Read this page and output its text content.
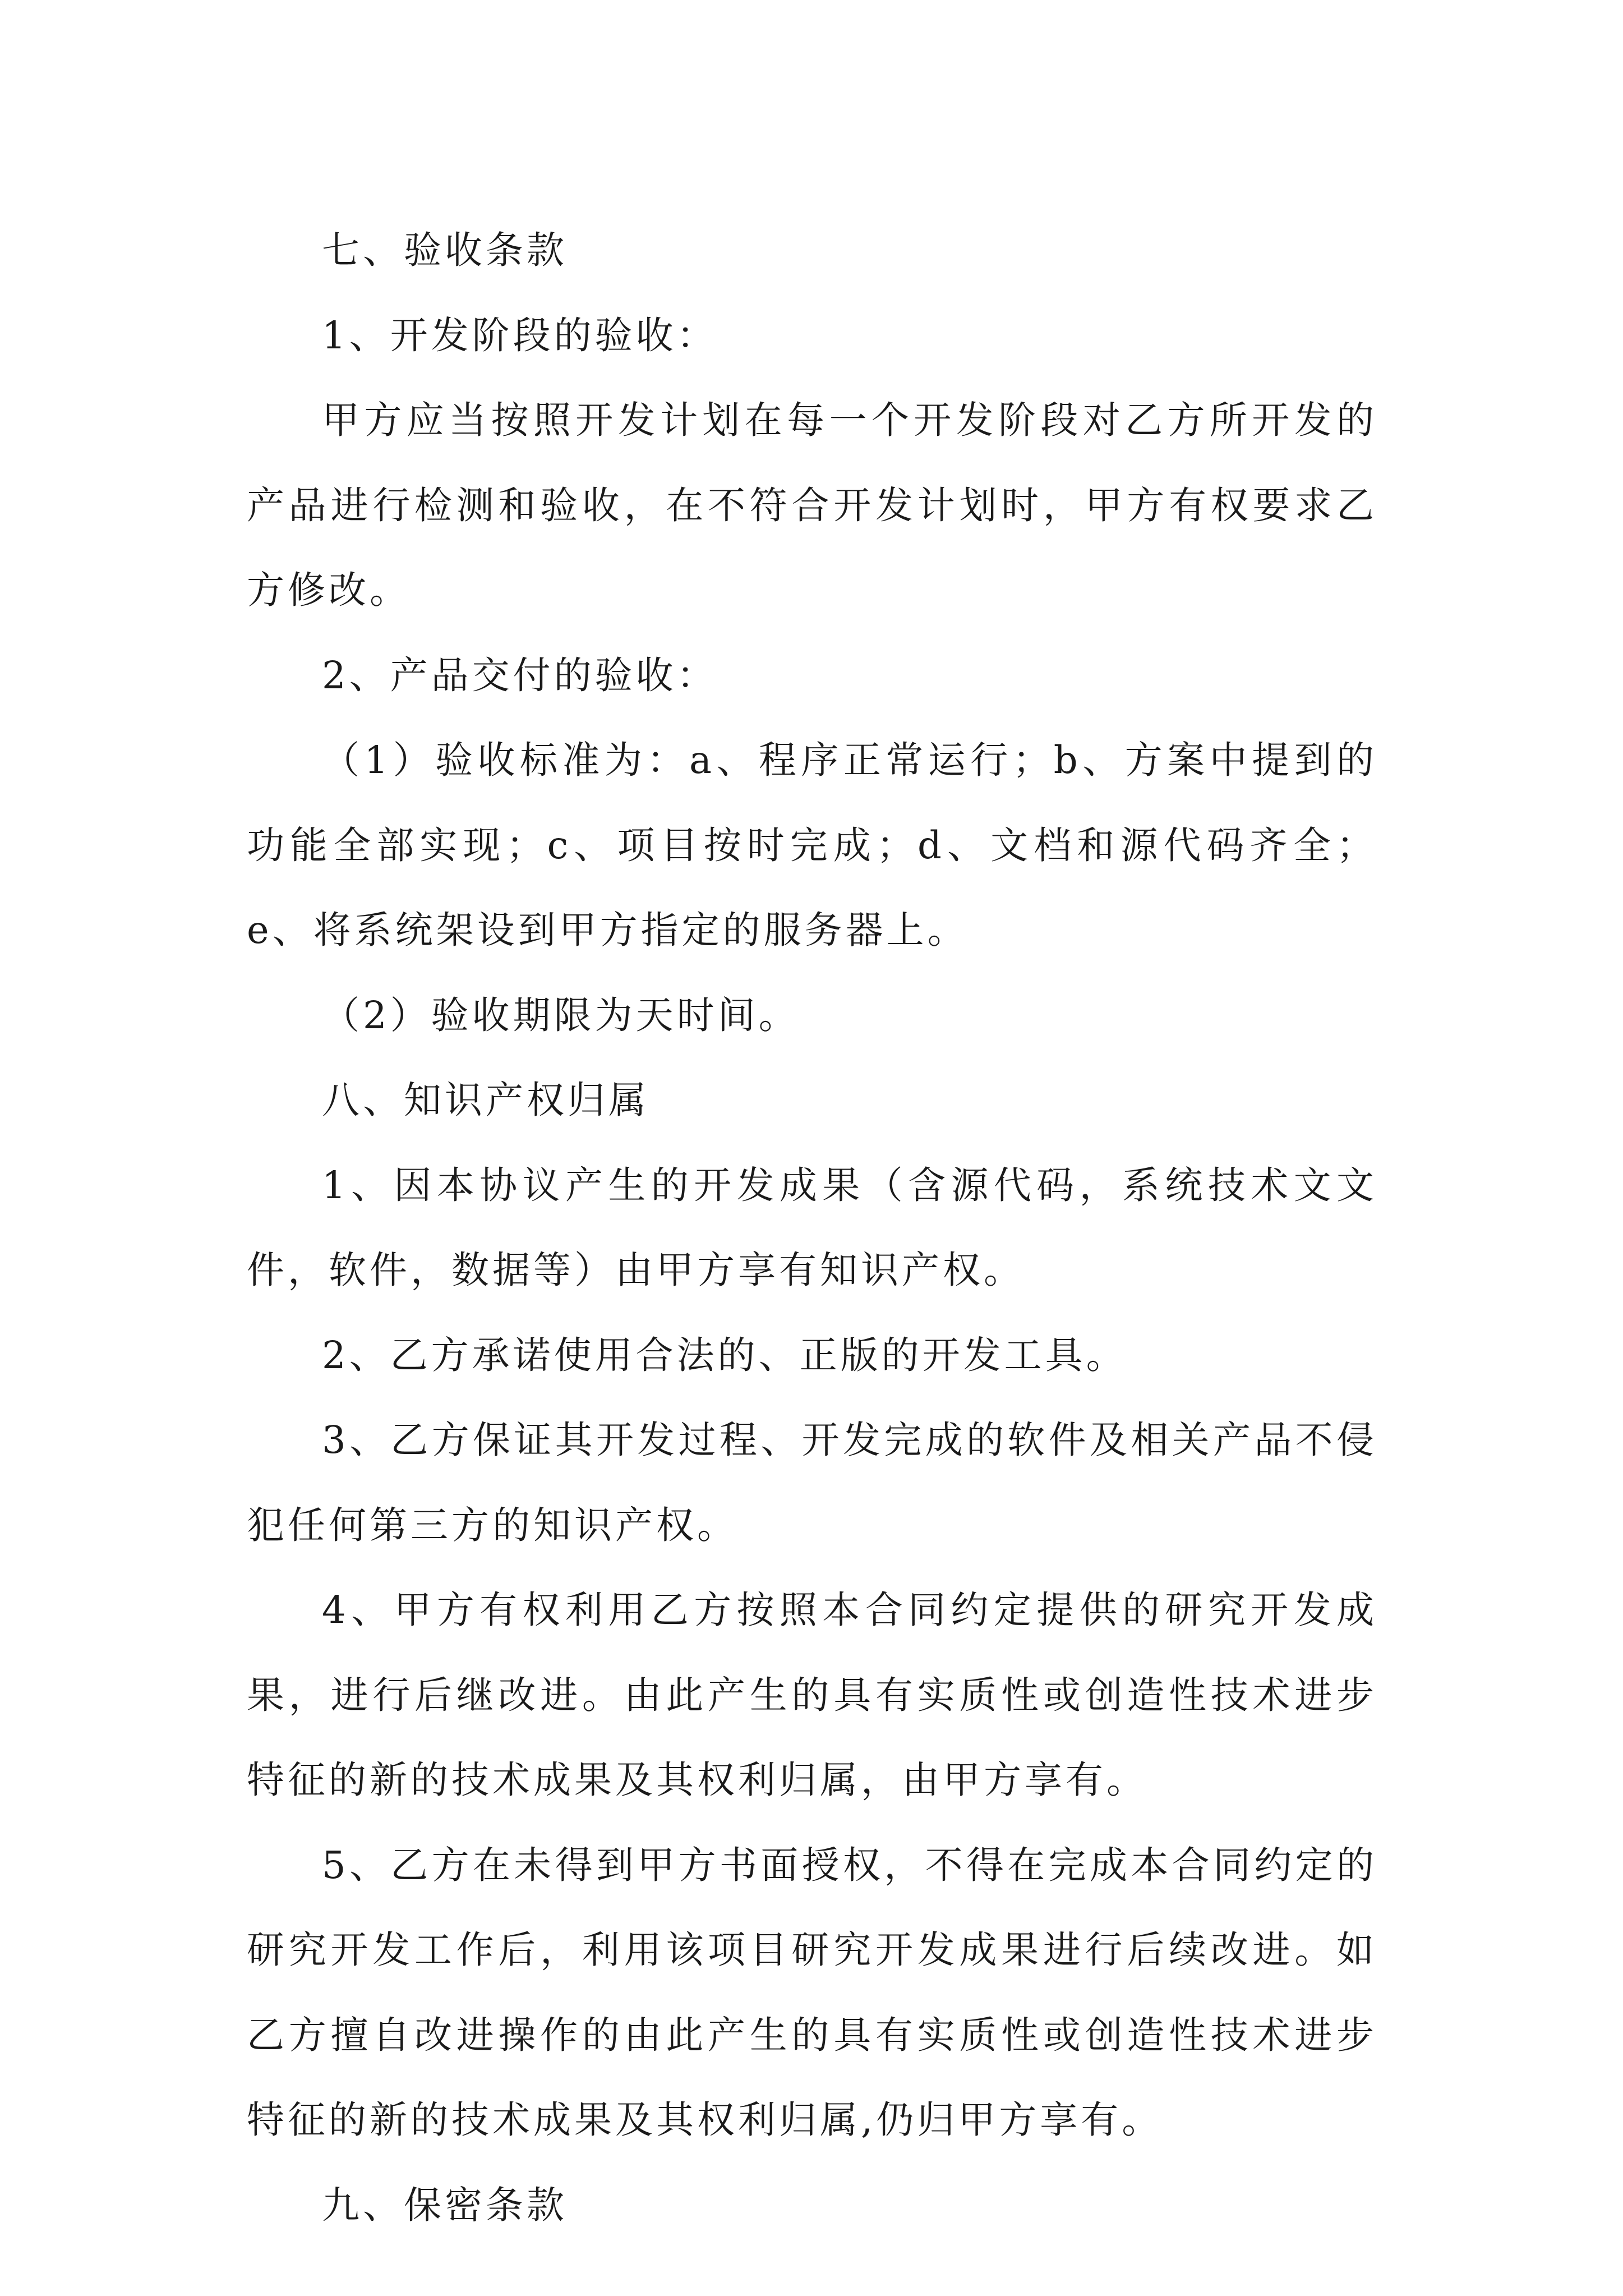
七、验收条款

1、开发阶段的验收：

甲方应当按照开发计划在每一个开发阶段对乙方所开发的产品进行检测和验收，在不符合开发计划时，甲方有权要求乙方修改。

2、产品交付的验收：

（1）验收标准为：a、程序正常运行；b、方案中提到的功能全部实现；c、项目按时完成；d、文档和源代码齐全；e、将系统架设到甲方指定的服务器上。

（2）验收期限为天时间。

八、知识产权归属

1、因本协议产生的开发成果（含源代码，系统技术文文件，软件，数据等）由甲方享有知识产权。

2、乙方承诺使用合法的、正版的开发工具。

3、乙方保证其开发过程、开发完成的软件及相关产品不侵犯任何第三方的知识产权。

4、甲方有权利用乙方按照本合同约定提供的研究开发成果，进行后继改进。由此产生的具有实质性或创造性技术进步特征的新的技术成果及其权利归属，由甲方享有。

5、乙方在未得到甲方书面授权，不得在完成本合同约定的研究开发工作后，利用该项目研究开发成果进行后续改进。如乙方擅自改进操作的由此产生的具有实质性或创造性技术进步特征的新的技术成果及其权利归属,仍归甲方享有。

九、保密条款
